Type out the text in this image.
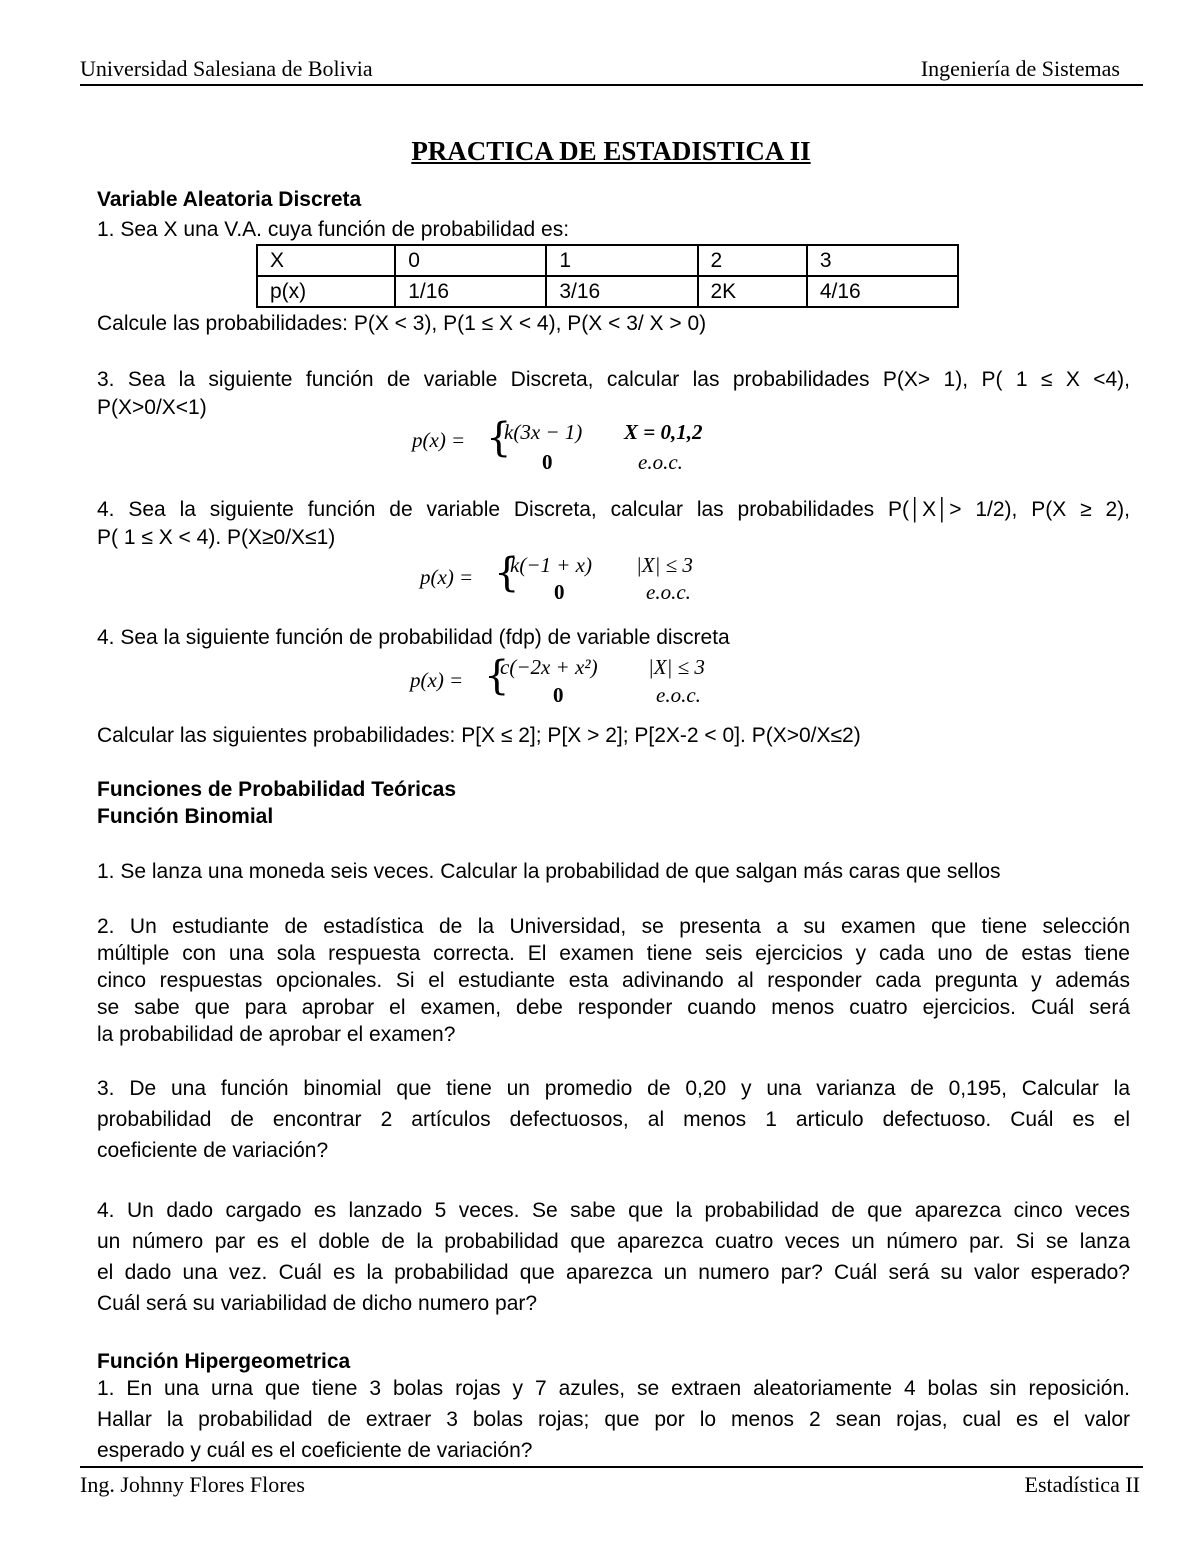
Universidad Salesiana de Bolivia	Ingeniería de Sistemas
PRACTICA DE ESTADISTICA II
Variable Aleatoria Discreta
1. Sea X una V.A. cuya función de probabilidad es:
X	0	1	2	3
p(x)	1/16	3/16	2K	4/16
Calcule las probabilidades: P(X < 3), P(1 ≤ X < 4), P(X < 3/ X > 0)
3. Sea la siguiente función de variable Discreta, calcular las probabilidades P(X> 1), P( 1 ≤ X <4),
P(X>0/X<1)
p(x) = {
k(3x − 1) X = 0,1,2
0	e.o.c.
4. Sea la siguiente función de variable Discreta, calcular las probabilidades P(│X│> 1/2), P(X ≥ 2),
P( 1 ≤ X < 4). P(X≥0/X≤1)
p(x) = {
k(−1 + x) |X| ≤ 3
0	e.o.c.
4. Sea la siguiente función de probabilidad (fdp) de variable discreta
p(x) = {
c(−2x + x²) |X| ≤ 3
0	e.o.c.
Calcular las siguientes probabilidades: P[X ≤ 2]; P[X > 2]; P[2X-2 < 0]. P(X>0/X≤2)
Funciones de Probabilidad Teóricas
Función Binomial
1. Se lanza una moneda seis veces. Calcular la probabilidad de que salgan más caras que sellos
2. Un estudiante de estadística de la Universidad, se presenta a su examen que tiene selección
múltiple con una sola respuesta correcta. El examen tiene seis ejercicios y cada uno de estas tiene
cinco respuestas opcionales. Si el estudiante esta adivinando al responder cada pregunta y además
se sabe que para aprobar el examen, debe responder cuando menos cuatro ejercicios. Cuál será
la probabilidad de aprobar el examen?
3. De una función binomial que tiene un promedio de 0,20 y una varianza de 0,195, Calcular la
probabilidad de encontrar 2 artículos defectuosos, al menos 1 articulo defectuoso. Cuál es el
coeficiente de variación?
4. Un dado cargado es lanzado 5 veces. Se sabe que la probabilidad de que aparezca cinco veces
un número par es el doble de la probabilidad que aparezca cuatro veces un número par. Si se lanza
el dado una vez. Cuál es la probabilidad que aparezca un numero par? Cuál será su valor esperado?
Cuál será su variabilidad de dicho numero par?
Función Hipergeometrica
1. En una urna que tiene 3 bolas rojas y 7 azules, se extraen aleatoriamente 4 bolas sin reposición.
Hallar la probabilidad de extraer 3 bolas rojas; que por lo menos 2 sean rojas, cual es el valor
esperado y cuál es el coeficiente de variación?
Ing. Johnny Flores Flores	Estadística II
